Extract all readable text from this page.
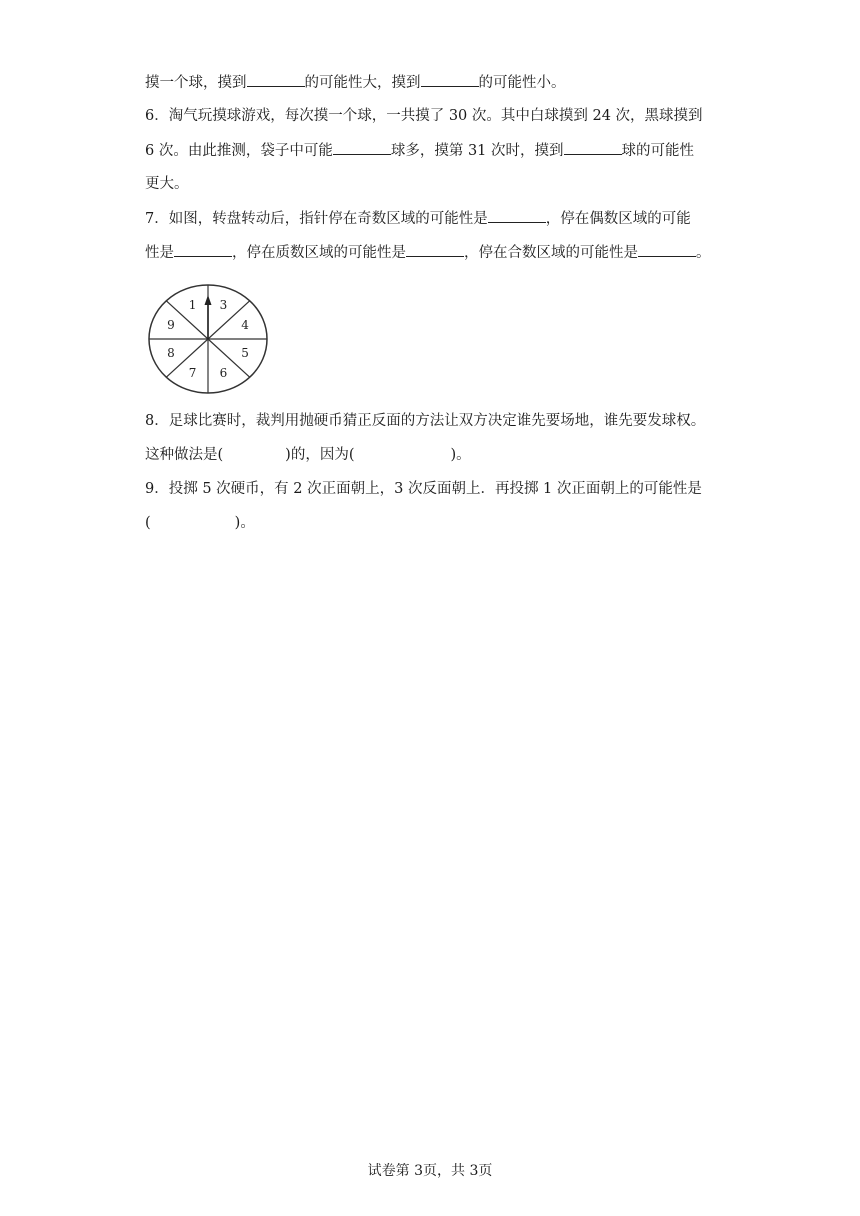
摸一个球，摸到	的可能性大，摸到	的可能性小。
6．淘气玩摸球游戏，每次摸一个球，一共摸了 30 次。其中白球摸到 24 次，黑球摸到
6 次。由此推测，袋子中可能	球多，摸第 31 次时，摸到	球的可能性
更大。
7．如图，转盘转动后，指针停在奇数区域的可能性是	，停在偶数区域的可能
性是	，停在质数区域的可能性是	，停在合数区域的可能性是	。
3
4
5
6
7
8
9
1
8．足球比赛时，裁判用抛硬币猜正反面的方法让双方决定谁先要场地，谁先要发球权。
这种做法是(	)的，因为(	)。
9．投掷 5 次硬币，有 2 次正面朝上，3 次反面朝上．再投掷 1 次正面朝上的可能性是
(	)。
试卷第 3页，共 3页
